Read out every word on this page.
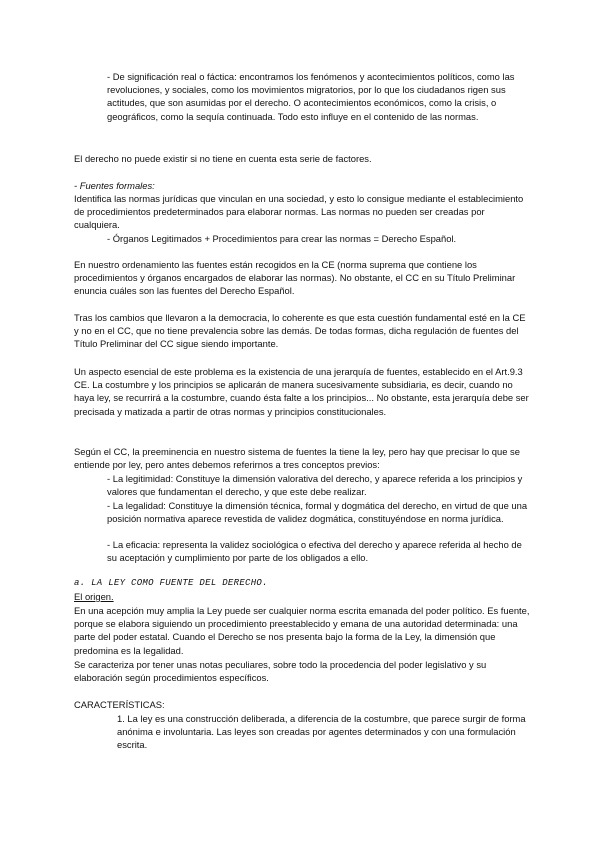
- De significación real o fáctica: encontramos los fenómenos y acontecimientos políticos, como las revoluciones, y sociales, como los movimientos migratorios, por lo que los ciudadanos rigen sus actitudes, que son asumidas por el derecho. O acontecimientos económicos, como la crisis, o geográficos, como la sequía continuada. Todo esto influye en el contenido de las normas.

El derecho no puede existir si no tiene en cuenta esta serie de factores.

- Fuentes formales:

Identifica las normas jurídicas que vinculan en una sociedad, y esto lo consigue mediante el establecimiento de procedimientos predeterminados para elaborar normas. Las normas no pueden ser creadas por cualquiera.

- Órganos Legitimados + Procedimientos para crear las normas = Derecho Español.

En nuestro ordenamiento las fuentes están recogidos en la CE (norma suprema que contiene los procedimientos y órganos encargados de elaborar las normas). No obstante, el CC en su Título Preliminar enuncia cuáles son las fuentes del Derecho Español.

Tras los cambios que llevaron a la democracia, lo coherente es que esta cuestión fundamental esté en la CE y no en el CC, que no tiene prevalencia sobre las demás. De todas formas, dicha regulación de fuentes del Título Preliminar del CC sigue siendo importante.

Un aspecto esencial de este problema es la existencia de una jerarquía de fuentes, establecido en el Art.9.3 CE. La costumbre y los principios se aplicarán de manera sucesivamente subsidiaria, es decir, cuando no haya ley, se recurrirá a la costumbre, cuando ésta falte a los principios... No obstante, esta jerarquía debe ser precisada y matizada a partir de otras normas y principios constitucionales.

Según el CC, la preeminencia en nuestro sistema de fuentes la tiene la ley, pero hay que precisar lo que se entiende por ley, pero antes debemos referirnos a tres conceptos previos:

- La legitimidad: Constituye la dimensión valorativa del derecho, y aparece referida a los principios y valores que fundamentan el derecho, y que este debe realizar.

- La legalidad: Constituye la dimensión técnica, formal y dogmática del derecho, en virtud de que una posición normativa aparece revestida de validez dogmática, constituyéndose en norma jurídica.

- La eficacia: representa la validez sociológica o efectiva del derecho y aparece referida al hecho de su aceptación y cumplimiento por parte de los obligados a ello.

a. LA LEY COMO FUENTE DEL DERECHO.

El origen.

En una acepción muy amplia la Ley puede ser cualquier norma escrita emanada del poder político. Es fuente, porque se elabora siguiendo un procedimiento preestablecido y emana de una autoridad determinada: una parte del poder estatal. Cuando el Derecho se nos presenta bajo la forma de la Ley, la dimensión que predomina es la legalidad.

Se caracteriza por tener unas notas peculiares, sobre todo la procedencia del poder legislativo y su elaboración según procedimientos específicos.

CARACTERÍSTICAS:

1. La ley es una construcción deliberada, a diferencia de la costumbre, que parece surgir de forma anónima e involuntaria. Las leyes son creadas por agentes determinados y con una formulación escrita.
